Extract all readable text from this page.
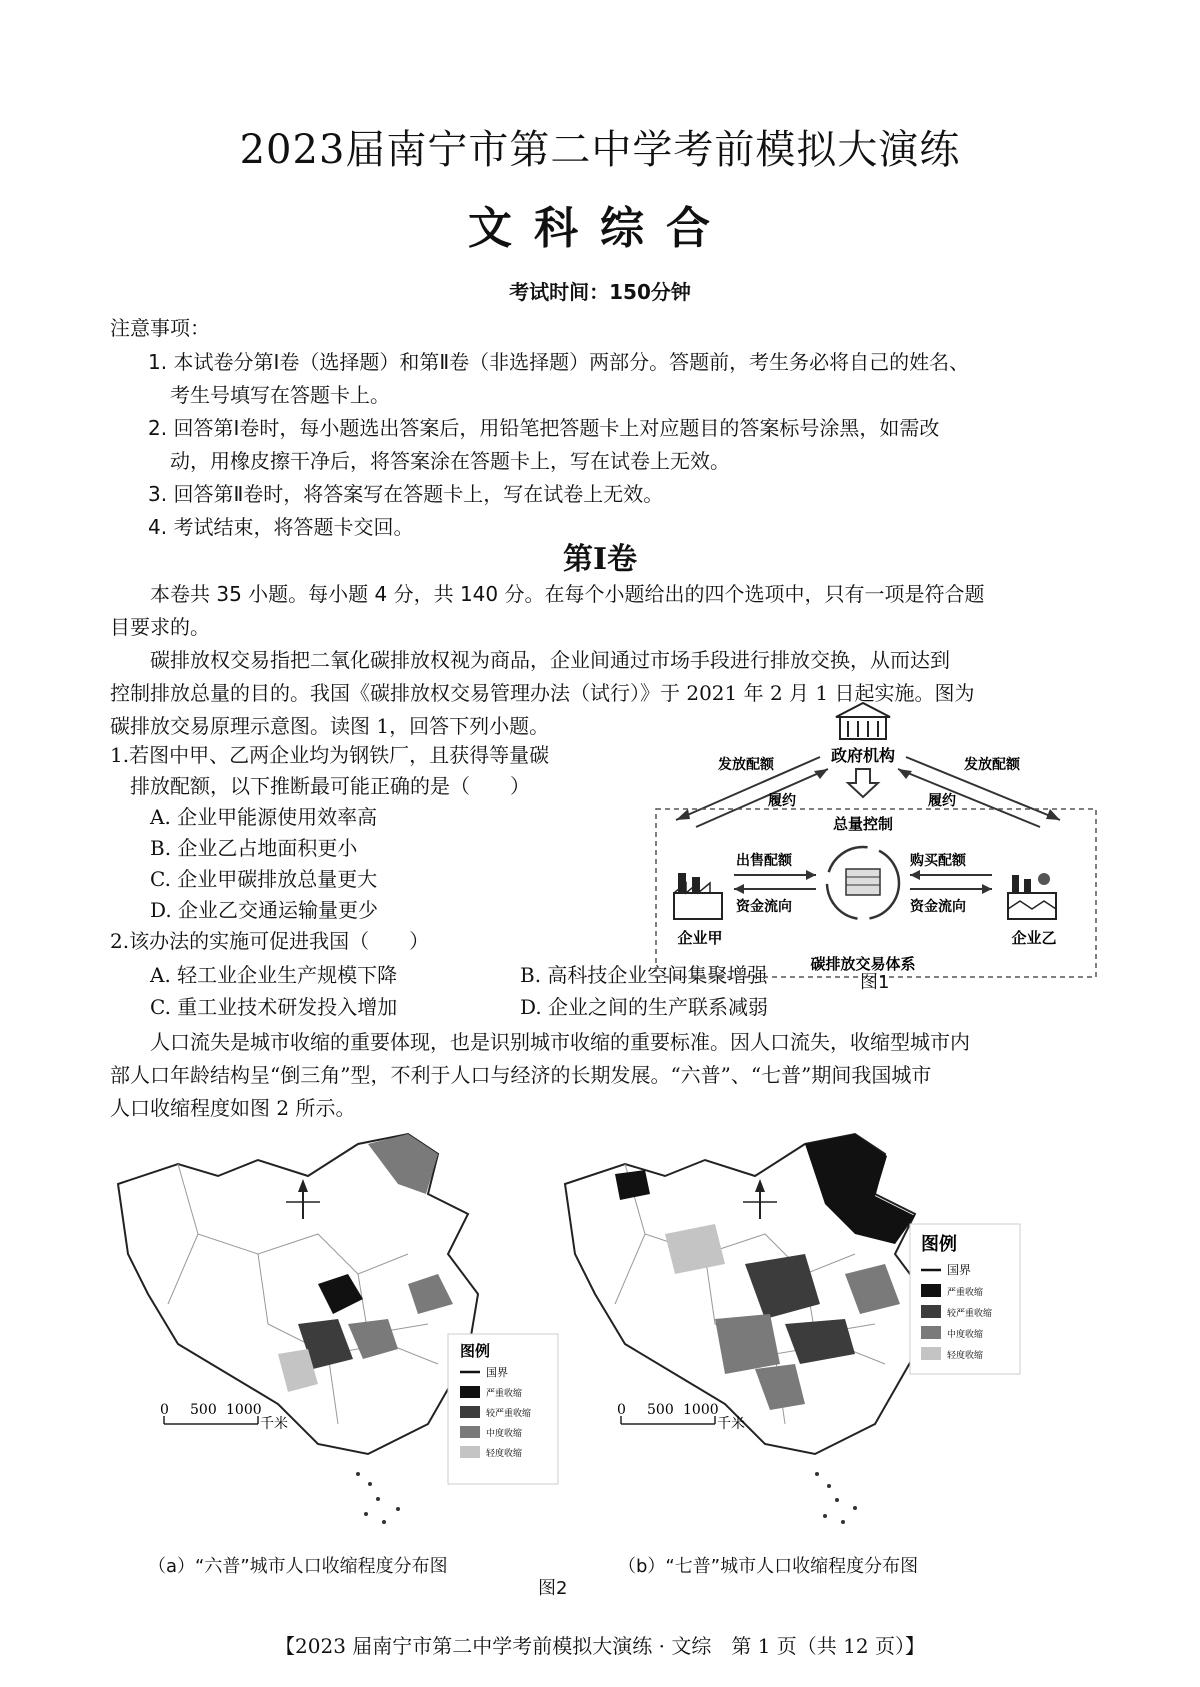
2023届南宁市第二中学考前模拟大演练
文科综合
考试时间：150分钟
注意事项：
1. 本试卷分第Ⅰ卷（选择题）和第Ⅱ卷（非选择题）两部分。答题前，考生务必将自己的姓名、
考生号填写在答题卡上。
2. 回答第Ⅰ卷时，每小题选出答案后，用铅笔把答题卡上对应题目的答案标号涂黑，如需改
动，用橡皮擦干净后，将答案涂在答题卡上，写在试卷上无效。
3. 回答第Ⅱ卷时，将答案写在答题卡上，写在试卷上无效。
4. 考试结束，将答题卡交回。
第Ⅰ卷
本卷共 35 小题。每小题 4 分，共 140 分。在每个小题给出的四个选项中，只有一项是符合题
目要求的。
碳排放权交易指把二氧化碳排放权视为商品，企业间通过市场手段进行排放交换，从而达到
控制排放总量的目的。我国《碳排放权交易管理办法（试行）》于 2021 年 2 月 1 日起实施。图为
碳排放交易原理示意图。读图 1，回答下列小题。
1.若图中甲、乙两企业均为钢铁厂，且获得等量碳
排放配额，以下推断最可能正确的是（　　）
A. 企业甲能源使用效率高
B. 企业乙占地面积更小
C. 企业甲碳排放总量更大
D. 企业乙交通运输量更少
2.该办法的实施可促进我国（　　）
A. 轻工业企业生产规模下降	B. 高科技企业空间集聚增强
C. 重工业技术研发投入增加	D. 企业之间的生产联系减弱
政府机构
发放配额	发放配额
履约	履约
总量控制
企业甲	企业乙
出售配额
资金流向
购买配额
资金流向
碳排放交易体系
图1
人口流失是城市收缩的重要体现，也是识别城市收缩的重要标准。因人口流失，收缩型城市内
部人口年龄结构呈“倒三角”型，不利于人口与经济的长期发展。“六普”、“七普”期间我国城市
人口收缩程度如图 2 所示。
图例
国界
严重收缩
较严重收缩
中度收缩
轻度收缩
0 500 1000
千米
图例
国界
严重收缩
较严重收缩
中度收缩
轻度收缩
0 500 1000
千米
（a）“六普”城市人口收缩程度分布图	（b）“七普”城市人口收缩程度分布图
图2
【2023 届南宁市第二中学考前模拟大演练 · 文综　第 1 页（共 12 页）】
